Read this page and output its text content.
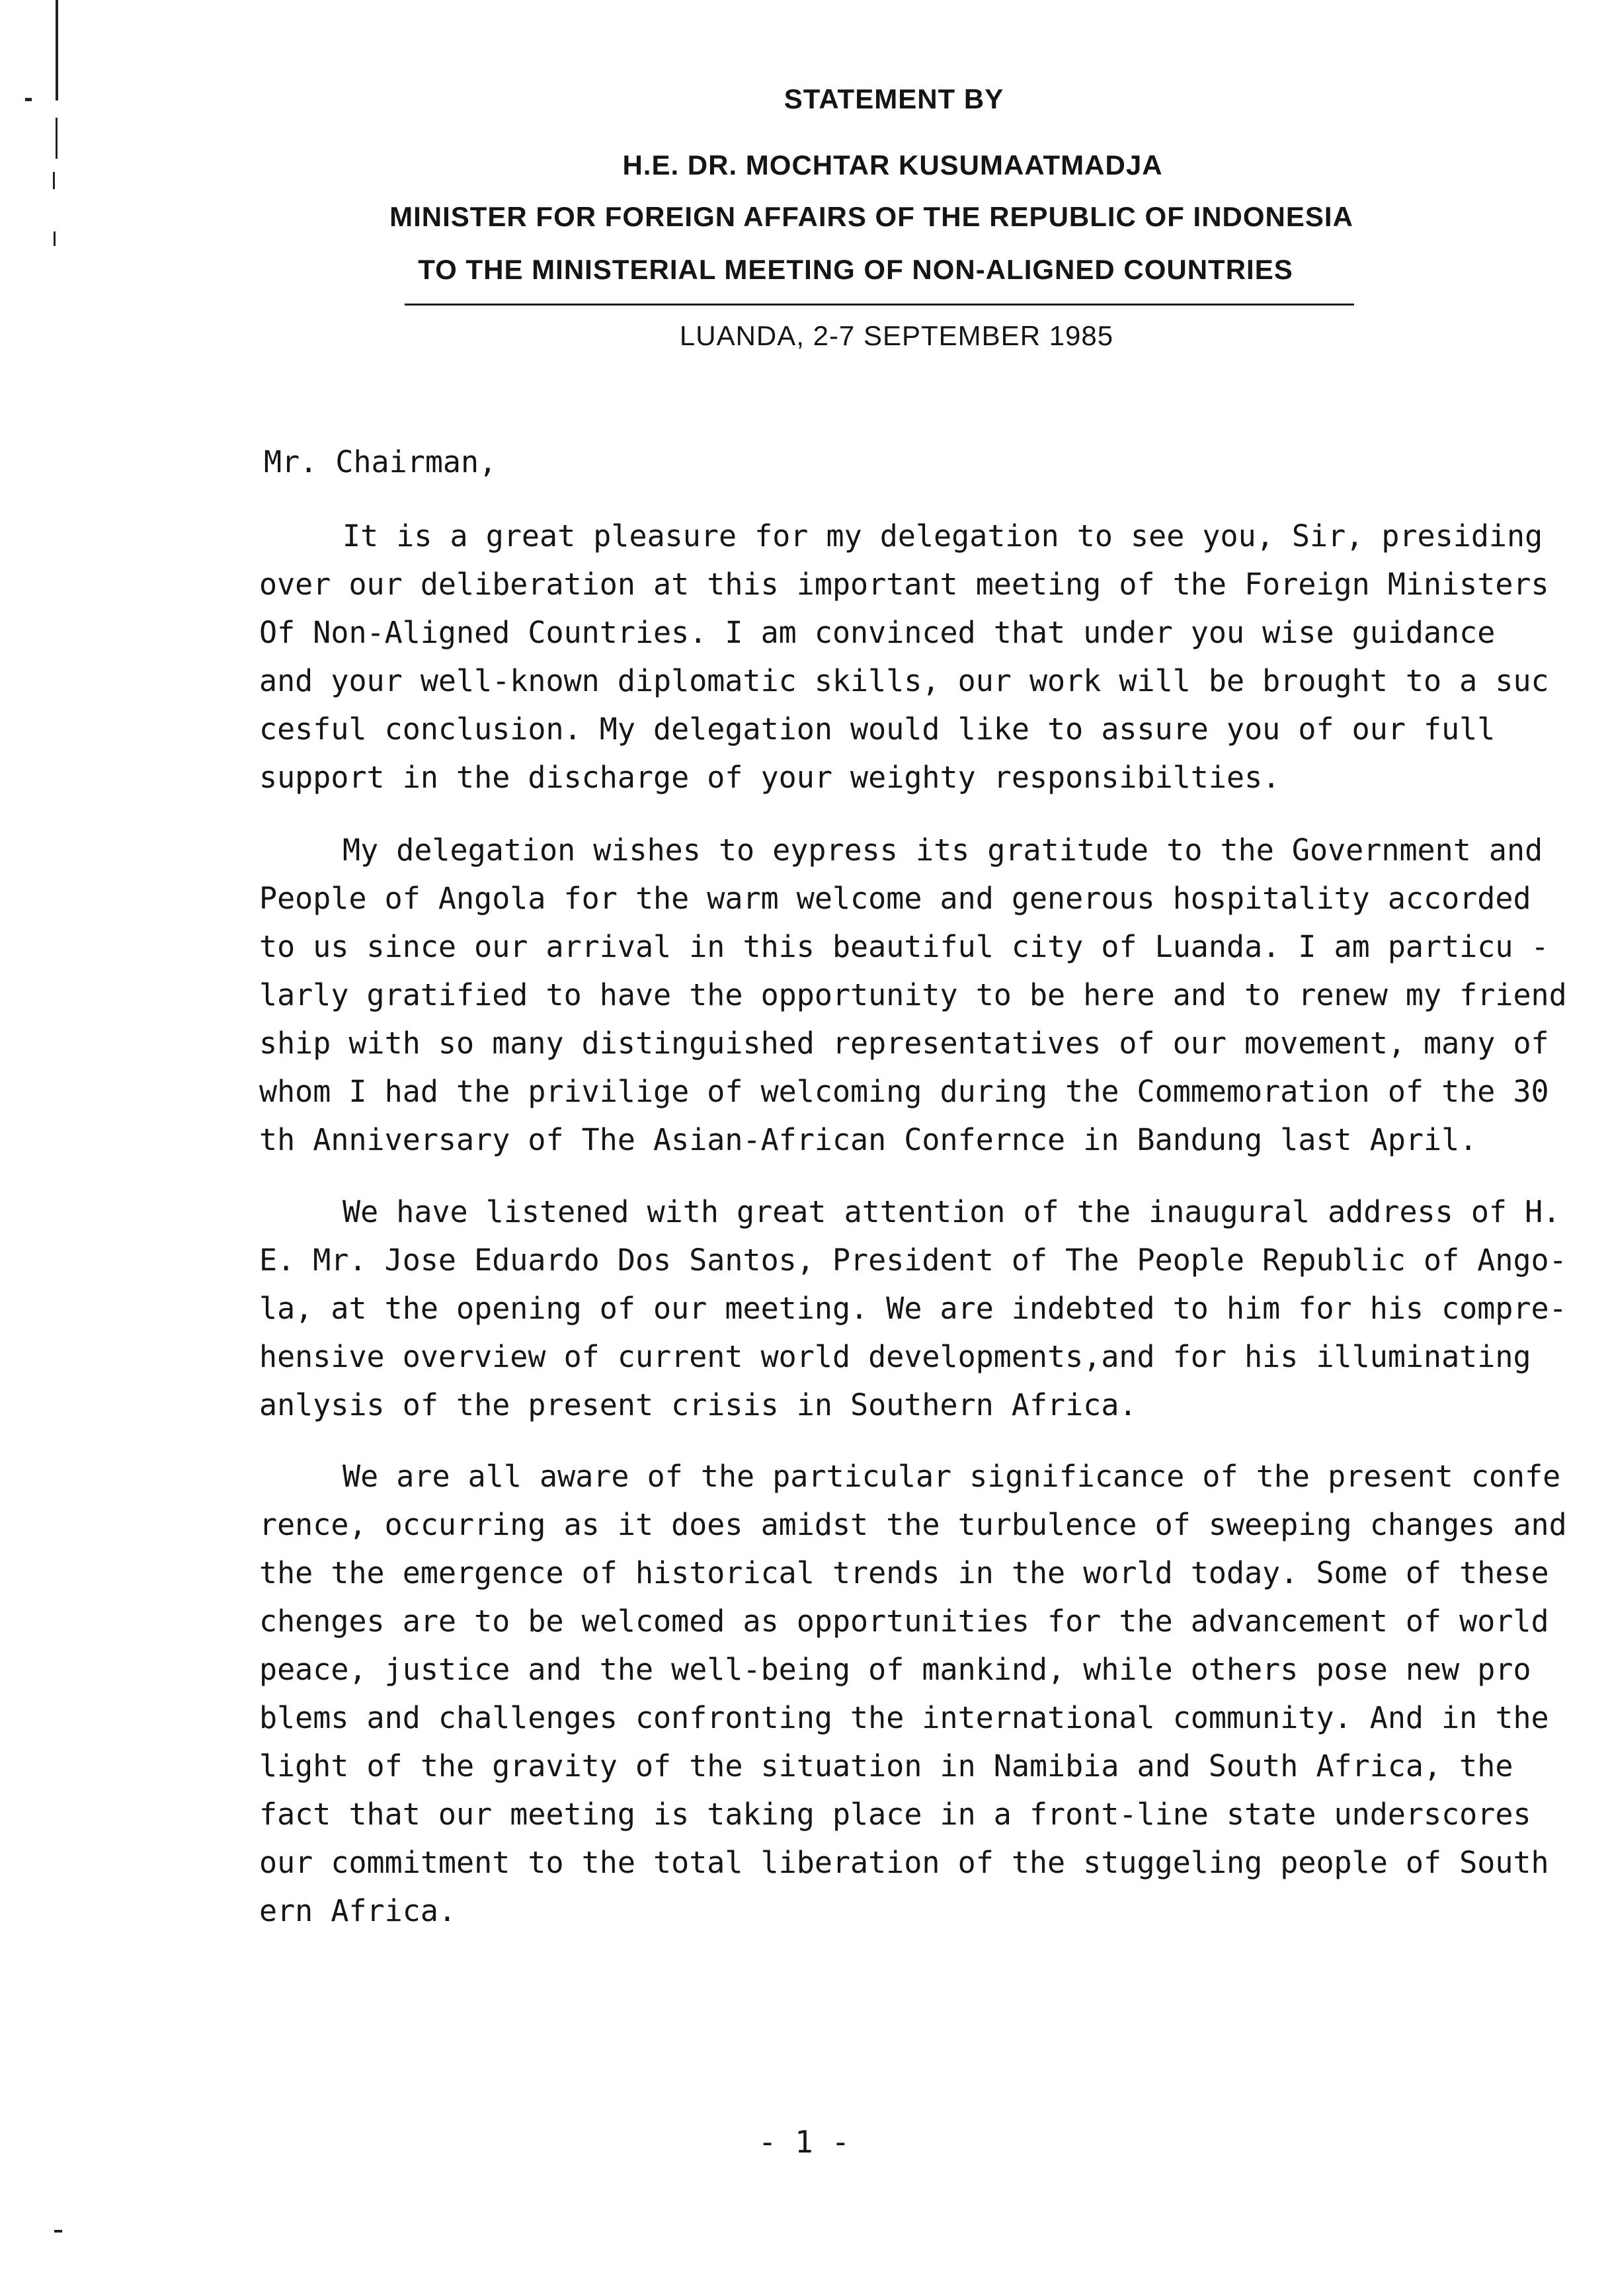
STATEMENT BY
H.E. DR. MOCHTAR KUSUMAATMADJA
MINISTER FOR FOREIGN AFFAIRS OF THE REPUBLIC OF INDONESIA
TO THE MINISTERIAL MEETING OF NON-ALIGNED COUNTRIES
LUANDA, 2-7 SEPTEMBER 1985
Mr. Chairman,
It is a great pleasure for my delegation to see you, Sir, presiding
over our deliberation at this important meeting of the Foreign Ministers
Of Non-Aligned Countries. I am convinced that under you wise guidance
and your well-known diplomatic skills, our work will be brought to a suc
cesful conclusion. My delegation would like to assure you of our full
support in the discharge of your weighty responsibilties.
My delegation wishes to eypress its gratitude to the Government and
People of Angola for the warm welcome and generous hospitality accorded
to us since our arrival in this beautiful city of Luanda. I am particu -
larly gratified to have the opportunity to be here and to renew my friend
ship with so many distinguished representatives of our movement, many of
whom I had the privilige of welcoming during the Commemoration of the 30
th Anniversary of The Asian-African Confernce in Bandung last April.
We have listened with great attention of the inaugural address of H.
E. Mr. Jose Eduardo Dos Santos, President of The People Republic of Ango-
la, at the opening of our meeting. We are indebted to him for his compre-
hensive overview of current world developments,and for his illuminating
anlysis of the present crisis in Southern Africa.
We are all aware of the particular significance of the present confe
rence, occurring as it does amidst the turbulence of sweeping changes and
the the emergence of historical trends in the world today. Some of these
chenges are to be welcomed as opportunities for the advancement of world
peace, justice and the well-being of mankind, while others pose new pro
blems and challenges confronting the international community. And in the
light of the gravity of the situation in Namibia and South Africa, the
fact that our meeting is taking place in a front-line state underscores
our commitment to the total liberation of the stuggeling people of South
ern Africa.
- 1 -
